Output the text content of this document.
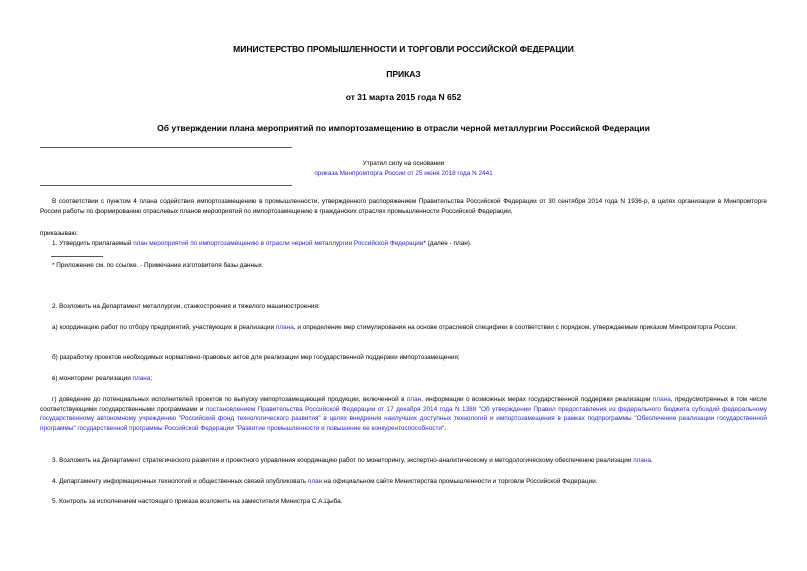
МИНИСТЕРСТВО ПРОМЫШЛЕННОСТИ И ТОРГОВЛИ РОССИЙСКОЙ ФЕДЕРАЦИИ
ПРИКАЗ
от 31 марта 2015 года N 652
Об утверждении плана мероприятий по импортозамещению в отрасли черной металлургии Российской Федерации
Утратил силу на основании
приказа Минпромторга России от 25 июня 2018 года N 2441
В соответствии с пунктом 4 плана содействия импортозамещению в промышленности, утвержденного распоряжением Правительства Российской Федерации от 30 сентября 2014 года N 1936-р, в целях организации в Минпромторге России работы по формированию отраслевых планов мероприятий по импортозамещению в гражданских отраслях промышленности Российской Федерации,
приказываю:
1. Утвердить прилагаемый план мероприятий по импортозамещению в отрасли черной металлургии Российской Федерации* (далее - план).
* Приложение см. по ссылке. - Примечание изготовителя базы данных.
2. Возложить на Департамент металлургии, станкостроения и тяжелого машиностроения:
а) координацию работ по отбору предприятий, участвующих в реализации плана, и определение мер стимулирования на основе отраслевой специфики в соответствии с порядком, утверждаемым приказом Минпромторга России;
б) разработку проектов необходимых нормативно-правовых актов для реализации мер государственной поддержки импортозамещения;
в) мониторинг реализации плана;
г) доведение до потенциальных исполнителей проектов по выпуску импортозамещающей продукции, включенной в план, информации о возможных мерах государственной поддержки реализации плана, предусмотренных в том числе соответствующими государственными программами и постановлением Правительства Российской Федерации от 17 декабря 2014 года N 1388 "Об утверждении Правил предоставления из федерального бюджета субсидий федеральному государственному автономному учреждению "Российский фонд технологического развития" в целях внедрения наилучших доступных технологий и импортозамещения в рамках подпрограммы "Обеспечение реализации государственной программы" государственной программы Российской Федерации "Развитие промышленности и повышение ее конкурентоспособности".
3. Возложить на Департамент стратегического развития и проектного управления координацию работ по мониторингу, экспертно-аналитическому и методологическому обеспечению реализации плана.
4. Департаменту информационных технологий и общественных связей опубликовать план на официальном сайте Министерства промышленности и торговли Российской Федерации.
5. Контроль за исполнением настоящего приказа возложить на заместителя Министра С.А.Цыба.
